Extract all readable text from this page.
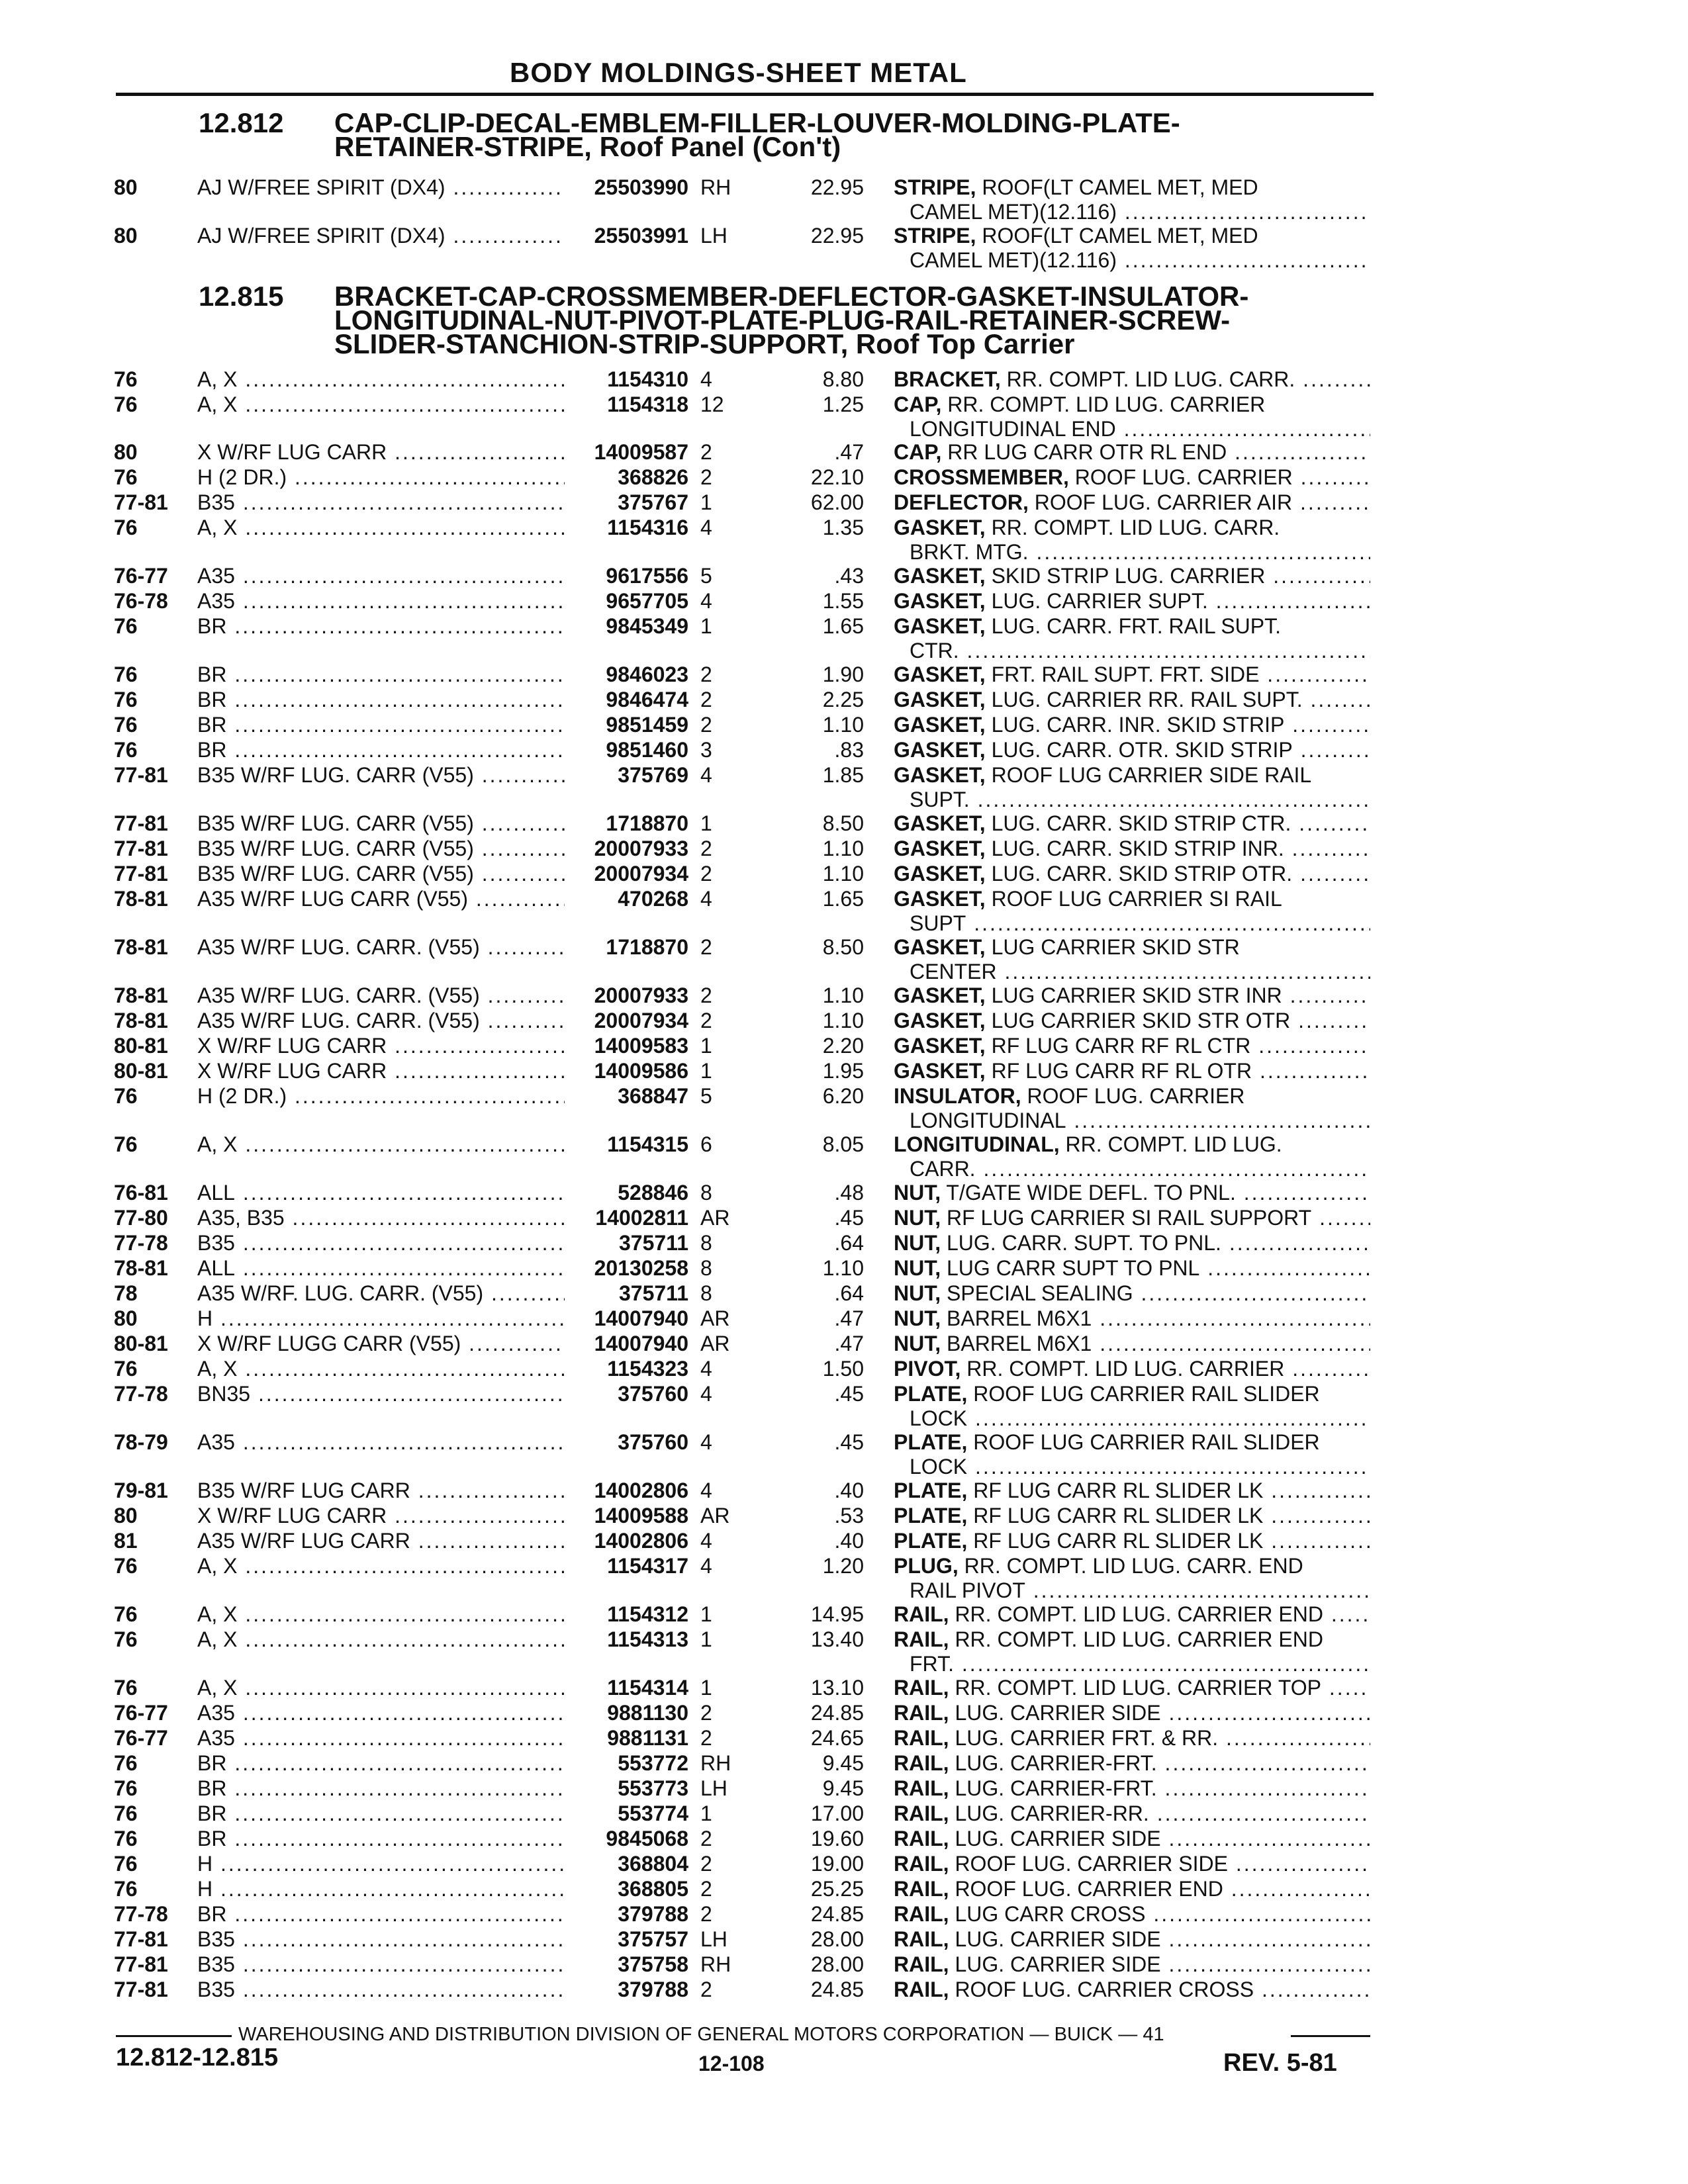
BODY MOLDINGS-SHEET METAL
12.812 CAP-CLIP-DECAL-EMBLEM-FILLER-LOUVER-MOLDING-PLATE-
RETAINER-STRIPE, Roof Panel (Con't)
12.815 BRACKET-CAP-CROSSMEMBER-DEFLECTOR-GASKET-INSULATOR-
LONGITUDINAL-NUT-PIVOT-PLATE-PLUG-RAIL-RETAINER-SCREW-
SLIDER-STANCHION-STRIP-SUPPORT, Roof Top Carrier
80	AJ W/FREE SPIRIT (DX4) .....	25503990 RH	22.95 STRIPE, ROOF(LT CAMEL MET, MED
CAMEL MET)(12.116) .....
80	AJ W/FREE SPIRIT (DX4) .....	25503991 LH	22.95 STRIPE, ROOF(LT CAMEL MET, MED
CAMEL MET)(12.116) .....
76	A, X .....	1154310 4	8.80 BRACKET, RR. COMPT. LID LUG. CARR. .....
76	A, X .....	1154318 12	1.25 CAP, RR. COMPT. LID LUG. CARRIER
LONGITUDINAL END .....
80	X W/RF LUG CARR .....	14009587 2	.47 CAP, RR LUG CARR OTR RL END .....
76	H (2 DR.) .....	368826 2	22.10 CROSSMEMBER, ROOF LUG. CARRIER .....
77-81 B35 .....	375767 1	62.00 DEFLECTOR, ROOF LUG. CARRIER AIR .....
76	A, X .....	1154316 4	1.35 GASKET, RR. COMPT. LID LUG. CARR.
BRKT. MTG. .....
76-77 A35 .....	9617556 5	.43 GASKET, SKID STRIP LUG. CARRIER .....
76-78 A35 .....	9657705 4	1.55 GASKET, LUG. CARRIER SUPT. .....
76	BR .....	9845349 1	1.65 GASKET, LUG. CARR. FRT. RAIL SUPT.
CTR. .....
76	BR .....	9846023 2	1.90 GASKET, FRT. RAIL SUPT. FRT. SIDE .....
76	BR .....	9846474 2	2.25 GASKET, LUG. CARRIER RR. RAIL SUPT. .....
76	BR .....	9851459 2	1.10 GASKET, LUG. CARR. INR. SKID STRIP .....
76	BR .....	9851460 3	.83 GASKET, LUG. CARR. OTR. SKID STRIP .....
77-81 B35 W/RF LUG. CARR (V55) .....	375769 4	1.85 GASKET, ROOF LUG CARRIER SIDE RAIL
SUPT. .....
77-81 B35 W/RF LUG. CARR (V55) .....	1718870 1	8.50 GASKET, LUG. CARR. SKID STRIP CTR. .....
77-81 B35 W/RF LUG. CARR (V55) .....	20007933 2	1.10 GASKET, LUG. CARR. SKID STRIP INR. .....
77-81 B35 W/RF LUG. CARR (V55) .....	20007934 2	1.10 GASKET, LUG. CARR. SKID STRIP OTR. .....
78-81 A35 W/RF LUG CARR (V55) .....	470268 4	1.65 GASKET, ROOF LUG CARRIER SI RAIL
SUPT .....
78-81 A35 W/RF LUG. CARR. (V55) .....	1718870 2	8.50 GASKET, LUG CARRIER SKID STR
CENTER .....
78-81 A35 W/RF LUG. CARR. (V55) .....	20007933 2	1.10 GASKET, LUG CARRIER SKID STR INR .....
78-81 A35 W/RF LUG. CARR. (V55) .....	20007934 2	1.10 GASKET, LUG CARRIER SKID STR OTR .....
80-81 X W/RF LUG CARR .....	14009583 1	2.20 GASKET, RF LUG CARR RF RL CTR .....
80-81 X W/RF LUG CARR .....	14009586 1	1.95 GASKET, RF LUG CARR RF RL OTR .....
76	H (2 DR.) .....	368847 5	6.20 INSULATOR, ROOF LUG. CARRIER
LONGITUDINAL .....
76	A, X .....	1154315 6	8.05 LONGITUDINAL, RR. COMPT. LID LUG.
CARR. .....
76-81 ALL .....	528846 8	.48 NUT, T/GATE WIDE DEFL. TO PNL. .....
77-80 A35, B35 .....	14002811 AR	.45 NUT, RF LUG CARRIER SI RAIL SUPPORT .....
77-78 B35 .....	375711 8	.64 NUT, LUG. CARR. SUPT. TO PNL. .....
78-81 ALL .....	20130258 8	1.10 NUT, LUG CARR SUPT TO PNL .....
78	A35 W/RF. LUG. CARR. (V55) .....	375711 8	.64 NUT, SPECIAL SEALING .....
80	H .....	14007940 AR	.47 NUT, BARREL M6X1 .....
80-81 X W/RF LUGG CARR (V55) .....	14007940 AR	.47 NUT, BARREL M6X1 .....
76	A, X .....	1154323 4	1.50 PIVOT, RR. COMPT. LID LUG. CARRIER .....
77-78 BN35 .....	375760 4	.45 PLATE, ROOF LUG CARRIER RAIL SLIDER
LOCK .....
78-79 A35 .....	375760 4	.45 PLATE, ROOF LUG CARRIER RAIL SLIDER
LOCK .....
79-81 B35 W/RF LUG CARR .....	14002806 4	.40 PLATE, RF LUG CARR RL SLIDER LK .....
80	X W/RF LUG CARR .....	14009588 AR	.53 PLATE, RF LUG CARR RL SLIDER LK .....
81	A35 W/RF LUG CARR .....	14002806 4	.40 PLATE, RF LUG CARR RL SLIDER LK .....
76	A, X .....	1154317 4	1.20 PLUG, RR. COMPT. LID LUG. CARR. END
RAIL PIVOT .....
76	A, X .....	1154312 1	14.95 RAIL, RR. COMPT. LID LUG. CARRIER END .....
76	A, X .....	1154313 1	13.40 RAIL, RR. COMPT. LID LUG. CARRIER END
FRT. .....
76	A, X .....	1154314 1	13.10 RAIL, RR. COMPT. LID LUG. CARRIER TOP .....
76-77 A35 .....	9881130 2	24.85 RAIL, LUG. CARRIER SIDE .....
76-77 A35 .....	9881131 2	24.65 RAIL, LUG. CARRIER FRT. & RR. .....
76	BR .....	553772 RH	9.45 RAIL, LUG. CARRIER-FRT. .....
76	BR .....	553773 LH	9.45 RAIL, LUG. CARRIER-FRT. .....
76	BR .....	553774 1	17.00 RAIL, LUG. CARRIER-RR. .....
76	BR .....	9845068 2	19.60 RAIL, LUG. CARRIER SIDE .....
76	H .....	368804 2	19.00 RAIL, ROOF LUG. CARRIER SIDE .....
76	H .....	368805 2	25.25 RAIL, ROOF LUG. CARRIER END .....
77-78 BR .....	379788 2	24.85 RAIL, LUG CARR CROSS .....
77-81 B35 .....	375757 LH	28.00 RAIL, LUG. CARRIER SIDE .....
77-81 B35 .....	375758 RH	28.00 RAIL, LUG. CARRIER SIDE .....
77-81 B35 .....	379788 2	24.85 RAIL, ROOF LUG. CARRIER CROSS .....
WAREHOUSING AND DISTRIBUTION DIVISION OF GENERAL MOTORS CORPORATION — BUICK — 41
12.812-12.815	12-108	REV. 5-81
